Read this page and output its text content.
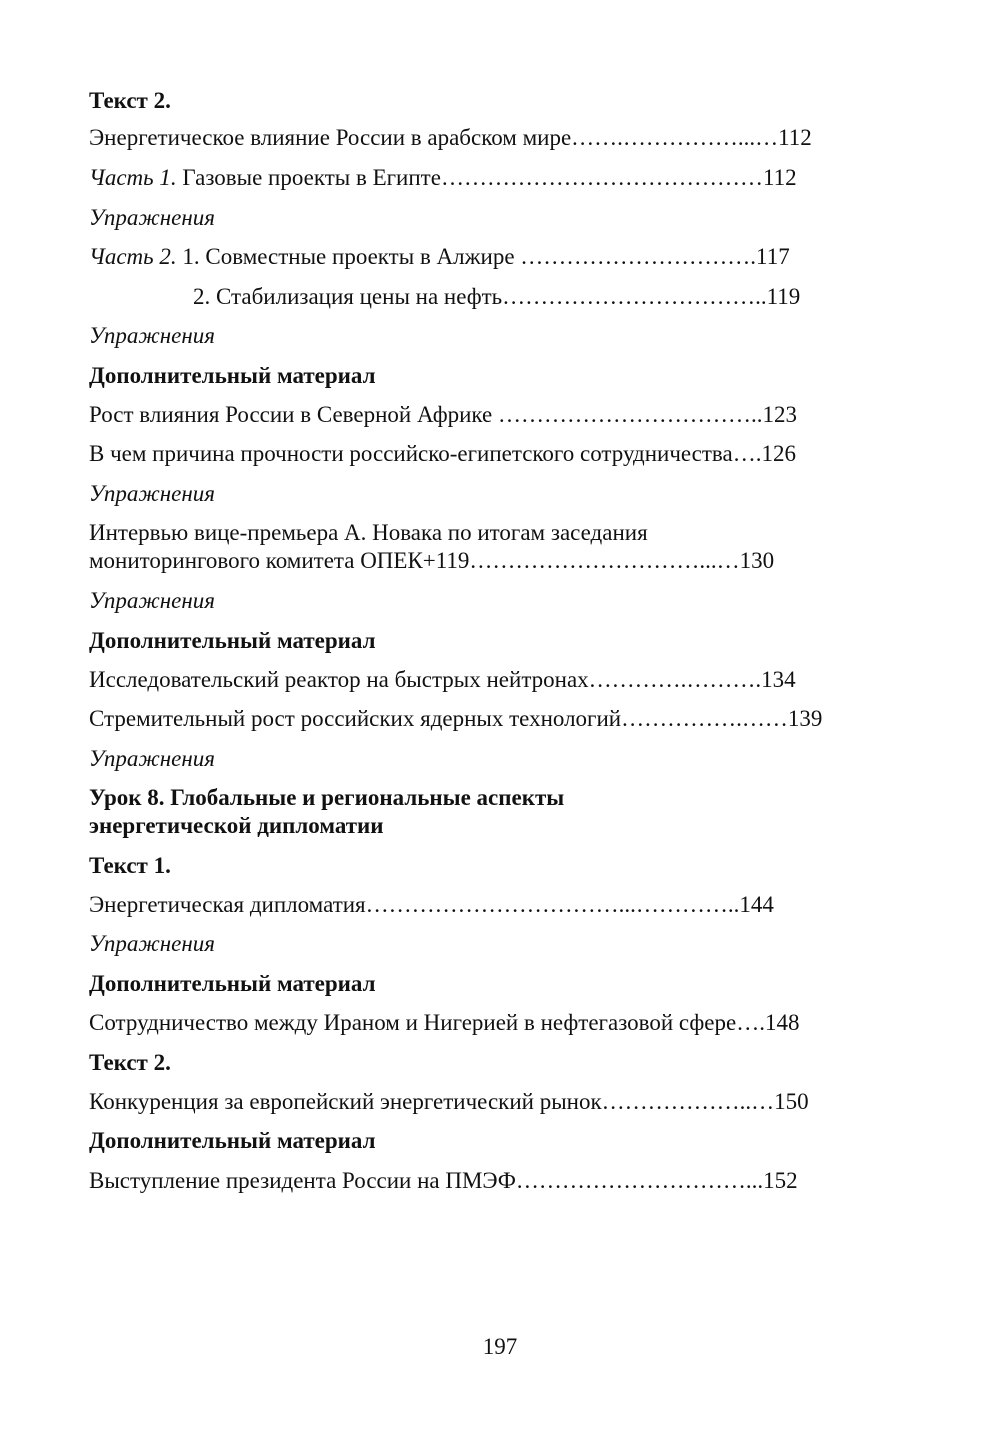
Текст 2.
Энергетическое влияние России в арабском мире…….……………...…112
Часть 1. Газовые проекты в Египте……………………………………112
Упражнения
Часть 2. 1. Совместные проекты в Алжире ………………………….117
2. Стабилизация цены на нефть……………………………..119
Упражнения
Дополнительный материал
Рост влияния России в Северной Африке ……………………………..123
В чем причина прочности российско-египетского сотрудничества….126
Упражнения
Интервью вице-премьера А. Новака по итогам заседания
мониторингового комитета ОПЕК+119…………………………...…130
Упражнения
Дополнительный материал
Исследовательский реактор на быстрых нейтронах………….……….134
Стремительный рост российских ядерных технологий…………….……139
Упражнения
Урок 8. Глобальные и региональные аспекты
энергетической дипломатии
Текст 1.
Энергетическая дипломатия……………………………...…………..144
Упражнения
Дополнительный материал
Сотрудничество между Ираном и Нигерией в нефтегазовой сфере….148
Текст 2.
Конкуренция за европейский энергетический рынок………………..…150
Дополнительный материал
Выступление президента России на ПМЭФ…………………………...152
197
